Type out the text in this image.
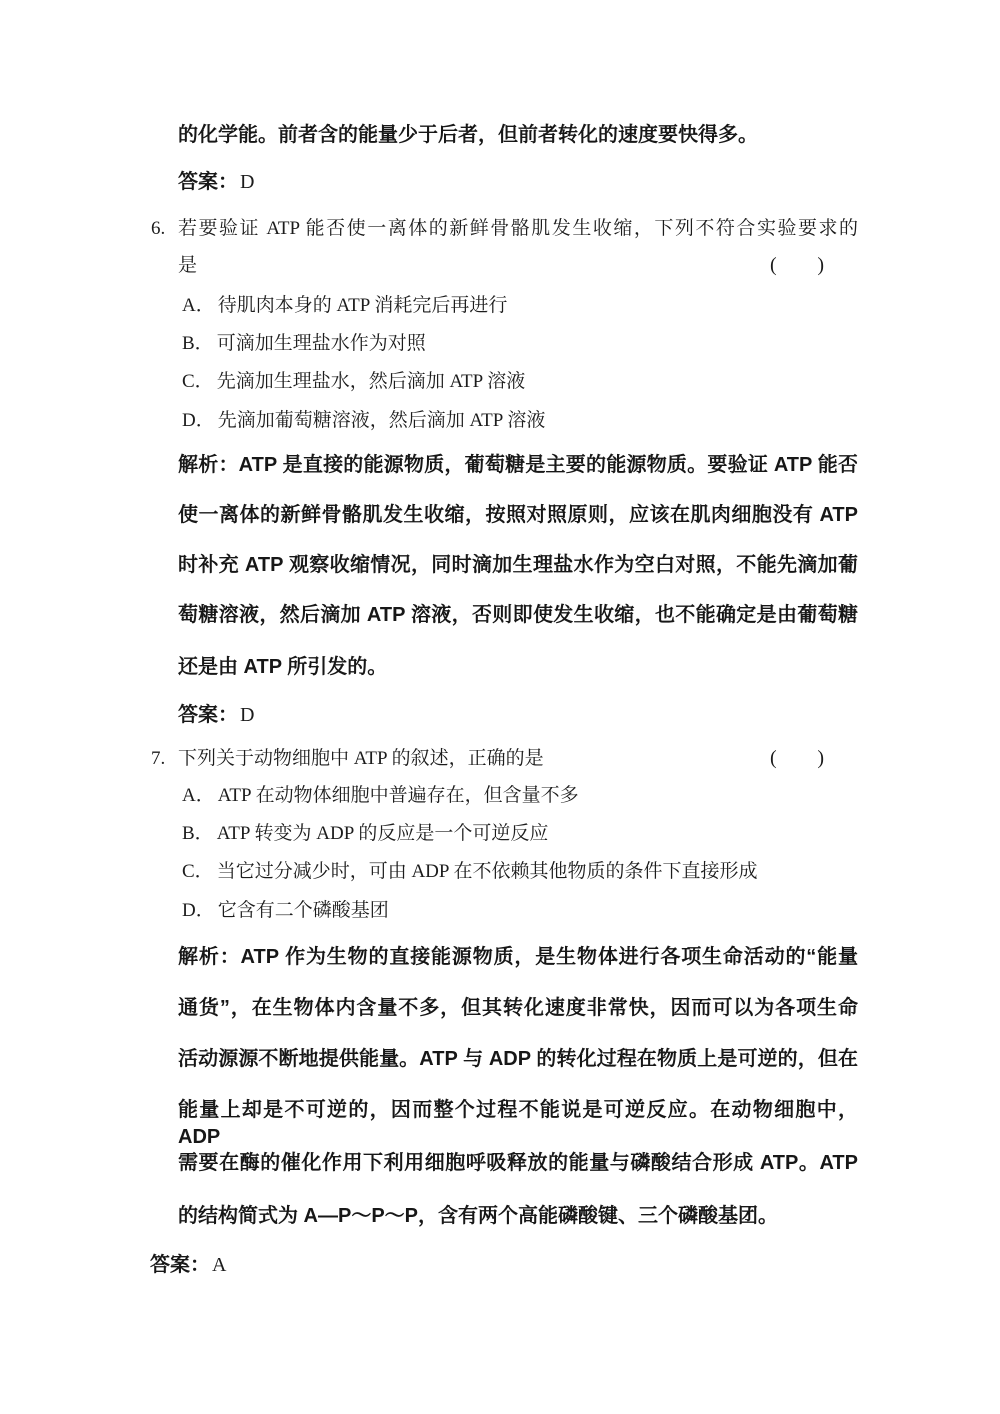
的化学能。前者含的能量少于后者，但前者转化的速度要快得多。
答案： D
6. 若要验证 ATP 能否使一离体的新鲜骨骼肌发生收缩，下列不符合实验要求的
是	( )
A． 待肌肉本身的 ATP 消耗完后再进行
B． 可滴加生理盐水作为对照
C． 先滴加生理盐水，然后滴加 ATP 溶液
D． 先滴加葡萄糖溶液，然后滴加 ATP 溶液
解析：ATP 是直接的能源物质，葡萄糖是主要的能源物质。要验证 ATP 能否
使一离体的新鲜骨骼肌发生收缩，按照对照原则，应该在肌肉细胞没有 ATP
时补充 ATP 观察收缩情况，同时滴加生理盐水作为空白对照，不能先滴加葡
萄糖溶液，然后滴加 ATP 溶液，否则即使发生收缩，也不能确定是由葡萄糖
还是由 ATP 所引发的。
答案： D
7. 下列关于动物细胞中 ATP 的叙述，正确的是	( )
A． ATP 在动物体细胞中普遍存在，但含量不多
B． ATP 转变为 ADP 的反应是一个可逆反应
C． 当它过分减少时，可由 ADP 在不依赖其他物质的条件下直接形成
D． 它含有二个磷酸基团
解析：ATP 作为生物的直接能源物质，是生物体进行各项生命活动的“能量
通货”，在生物体内含量不多，但其转化速度非常快，因而可以为各项生命
活动源源不断地提供能量。ATP 与 ADP 的转化过程在物质上是可逆的，但在
能量上却是不可逆的，因而整个过程不能说是可逆反应。在动物细胞中，ADP
需要在酶的催化作用下利用细胞呼吸释放的能量与磷酸结合形成 ATP。ATP
的结构简式为 A—P～P～P，含有两个高能磷酸键、三个磷酸基团。
答案： A
